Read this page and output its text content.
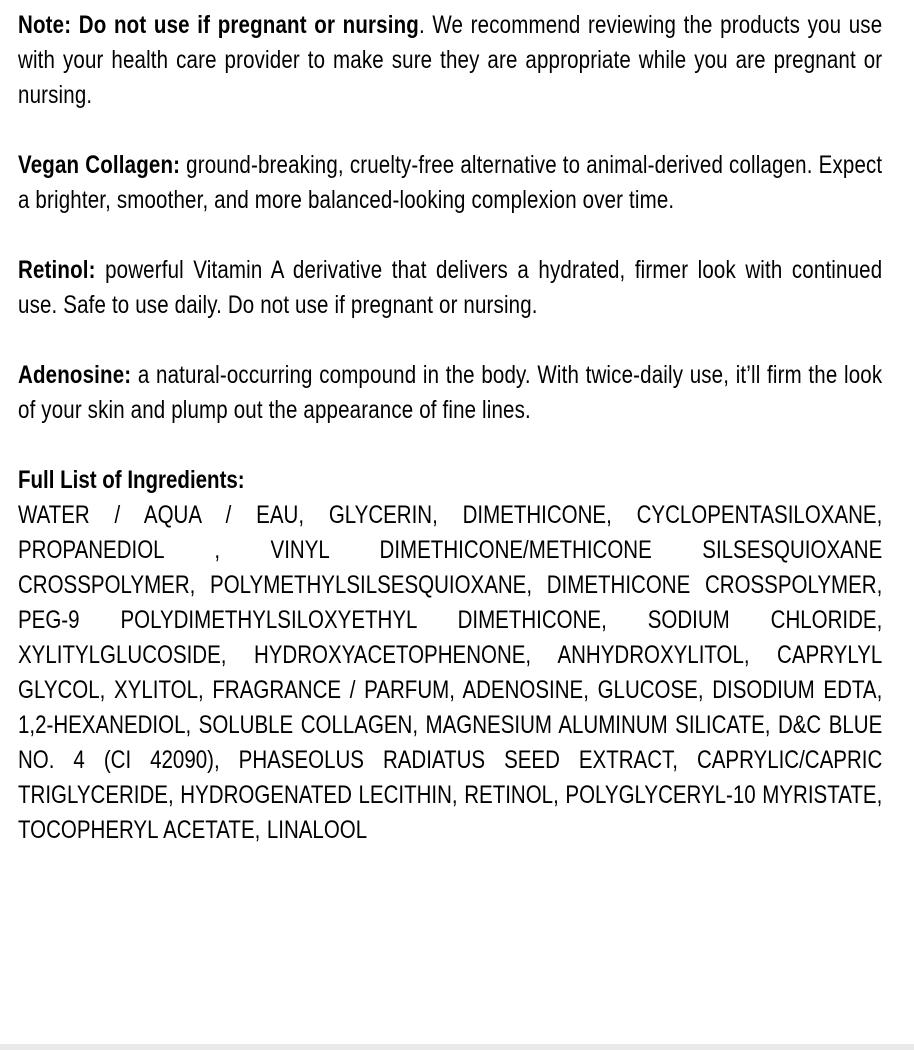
Note: Do not use if pregnant or nursing. We recommend reviewing the products you use with your health care provider to make sure they are appropriate while you are pregnant or nursing.

Vegan Collagen: ground-breaking, cruelty-free alternative to animal-derived collagen. Expect a brighter, smoother, and more balanced-looking complexion over time.

Retinol: powerful Vitamin A derivative that delivers a hydrated, firmer look with continued use. Safe to use daily. Do not use if pregnant or nursing.

Adenosine: a natural-occurring compound in the body. With twice-daily use, it’ll firm the look of your skin and plump out the appearance of fine lines.

Full List of Ingredients:
WATER / AQUA / EAU, GLYCERIN, DIMETHICONE, CYCLOPENTASILOXANE, PROPANEDIOL , VINYL DIMETHICONE/METHICONE SILSESQUIOXANE CROSSPOLYMER, POLYMETHYLSILSESQUIOXANE, DIMETHICONE CROSSPOLYMER, PEG-9 POLYDIMETHYLSILOXYETHYL DIMETHICONE, SODIUM CHLORIDE, XYLITYLGLUCOSIDE, HYDROXYACETOPHENONE, ANHYDROXYLITOL, CAPRYLYL GLYCOL, XYLITOL, FRAGRANCE / PARFUM, ADENOSINE, GLUCOSE, DISODIUM EDTA, 1,2-HEXANEDIOL, SOLUBLE COLLAGEN, MAGNESIUM ALUMINUM SILICATE, D&C BLUE NO. 4 (CI 42090), PHASEOLUS RADIATUS SEED EXTRACT, CAPRYLIC/CAPRIC TRIGLYCERIDE, HYDROGENATED LECITHIN, RETINOL, POLYGLYCERYL-10 MYRISTATE, TOCOPHERYL ACETATE, LINALOOL
